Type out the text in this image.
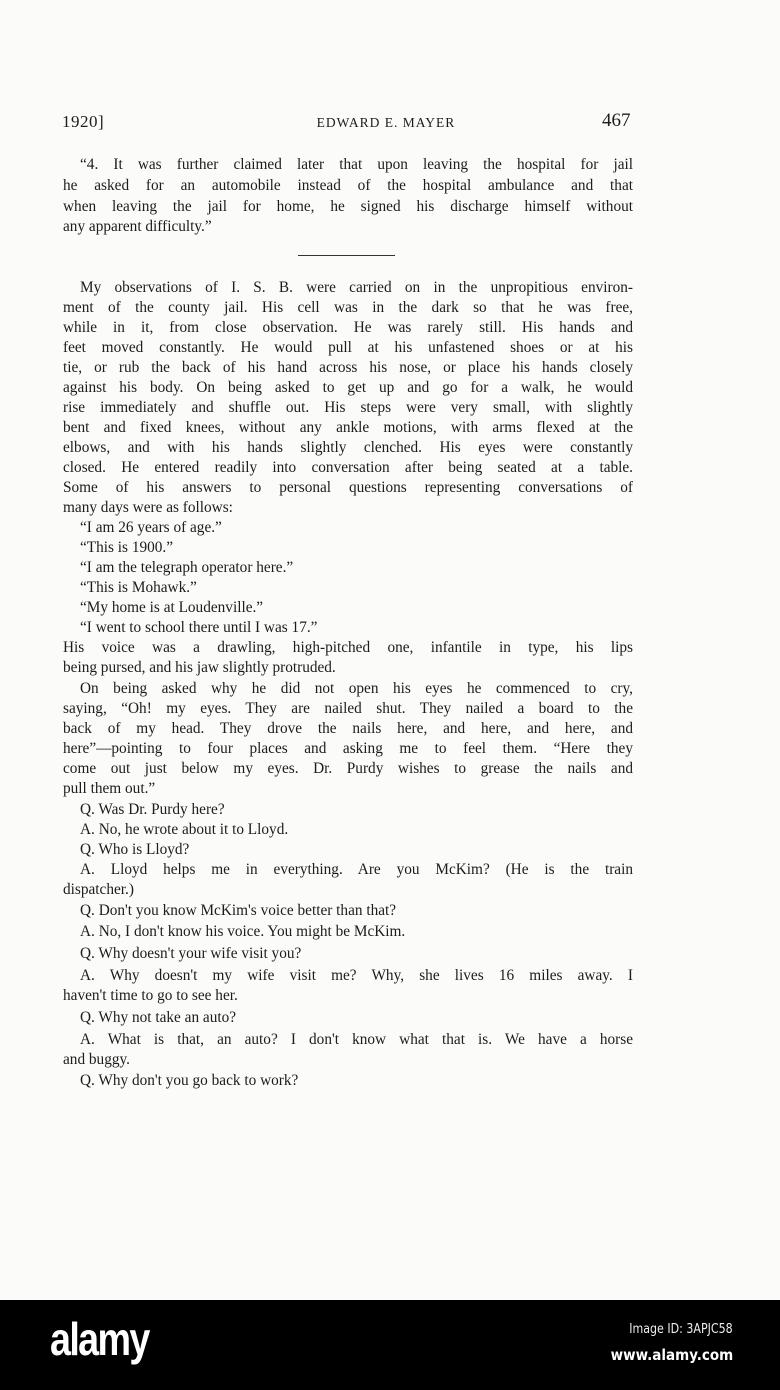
1920]	EDWARD E. MAYER	467
“4. It was further claimed later that upon leaving the hospital for jail
he asked for an automobile instead of the hospital ambulance and that
when leaving the jail for home, he signed his discharge himself without
any apparent difficulty.”
My observations of I. S. B. were carried on in the unpropitious environ-
ment of the county jail. His cell was in the dark so that he was free,
while in it, from close observation. He was rarely still. His hands and
feet moved constantly. He would pull at his unfastened shoes or at his
tie, or rub the back of his hand across his nose, or place his hands closely
against his body. On being asked to get up and go for a walk, he would
rise immediately and shuffle out. His steps were very small, with slightly
bent and fixed knees, without any ankle motions, with arms flexed at the
elbows, and with his hands slightly clenched. His eyes were constantly
closed. He entered readily into conversation after being seated at a table.
Some of his answers to personal questions representing conversations of
many days were as follows:
“I am 26 years of age.”
“This is 1900.”
“I am the telegraph operator here.”
“This is Mohawk.”
“My home is at Loudenville.”
“I went to school there until I was 17.”
His voice was a drawling, high-pitched one, infantile in type, his lips
being pursed, and his jaw slightly protruded.
On being asked why he did not open his eyes he commenced to cry,
saying, “Oh! my eyes. They are nailed shut. They nailed a board to the
back of my head. They drove the nails here, and here, and here, and
here”—pointing to four places and asking me to feel them. “Here they
come out just below my eyes. Dr. Purdy wishes to grease the nails and
pull them out.”
Q. Was Dr. Purdy here?
A. No, he wrote about it to Lloyd.
Q. Who is Lloyd?
A. Lloyd helps me in everything. Are you McKim? (He is the train
dispatcher.)
Q. Don't you know McKim's voice better than that?
A. No, I don't know his voice. You might be McKim.
Q. Why doesn't your wife visit you?
A. Why doesn't my wife visit me? Why, she lives 16 miles away. I
haven't time to go to see her.
Q. Why not take an auto?
A. What is that, an auto? I don't know what that is. We have a horse
and buggy.
Q. Why don't you go back to work?
alamy	Image ID: 3APJC58
www.alamy.com
